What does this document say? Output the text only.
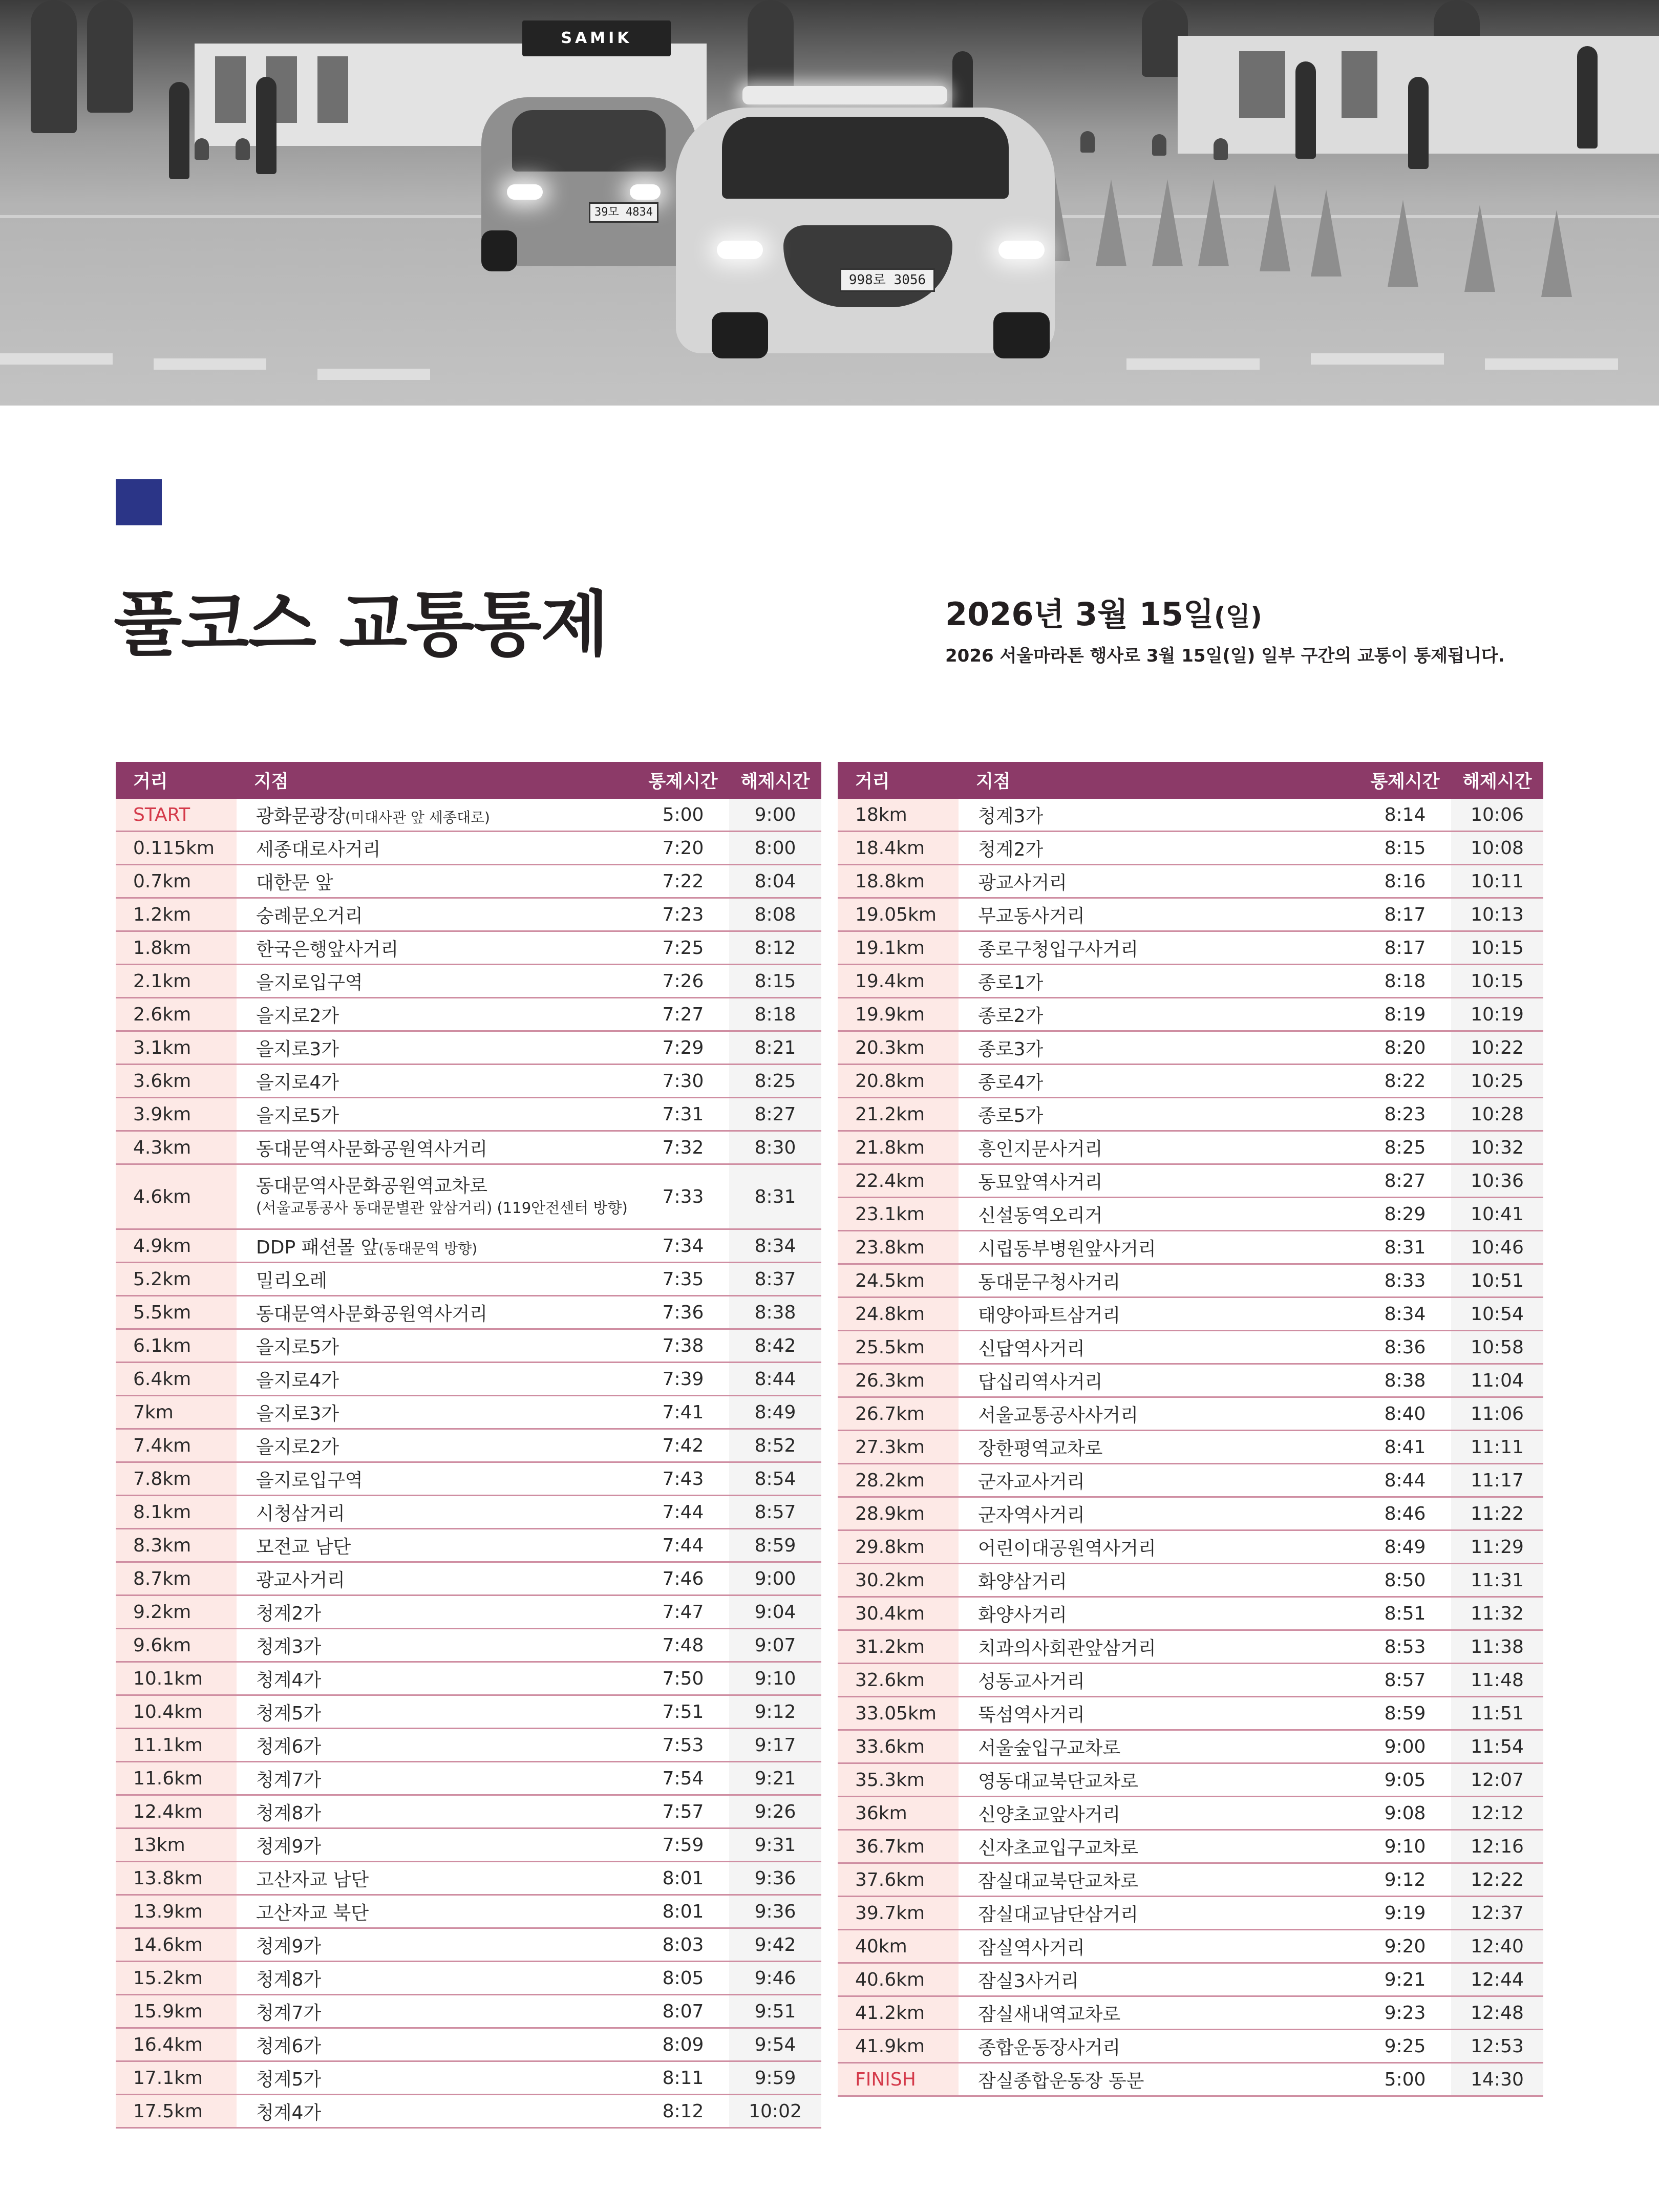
SAMIK
39모 4834
998로 3056
풀코스 교통통제	2026년 3월 15일(일)
2026 서울마라톤 행사로 3월 15일(일) 일부 구간의 교통이 통제됩니다.
거리	지점	통제시간	해제시간
START	광화문광장(미대사관 앞 세종대로)	5:00	9:00
0.115km	세종대로사거리	7:20	8:00
0.7km	대한문 앞	7:22	8:04
1.2km	숭례문오거리	7:23	8:08
1.8km	한국은행앞사거리	7:25	8:12
2.1km	을지로입구역	7:26	8:15
2.6km	을지로2가	7:27	8:18
3.1km	을지로3가	7:29	8:21
3.6km	을지로4가	7:30	8:25
3.9km	을지로5가	7:31	8:27
4.3km	동대문역사문화공원역사거리	7:32	8:30
4.6km	동대문역사문화공원역교차로
(서울교통공사 동대문별관 앞삼거리) (119안전센터 방향)	7:33	8:31
4.9km	DDP 패션몰 앞(동대문역 방향)	7:34	8:34
5.2km	밀리오레	7:35	8:37
5.5km	동대문역사문화공원역사거리	7:36	8:38
6.1km	을지로5가	7:38	8:42
6.4km	을지로4가	7:39	8:44
7km	을지로3가	7:41	8:49
7.4km	을지로2가	7:42	8:52
7.8km	을지로입구역	7:43	8:54
8.1km	시청삼거리	7:44	8:57
8.3km	모전교 남단	7:44	8:59
8.7km	광교사거리	7:46	9:00
9.2km	청계2가	7:47	9:04
9.6km	청계3가	7:48	9:07
10.1km	청계4가	7:50	9:10
10.4km	청계5가	7:51	9:12
11.1km	청계6가	7:53	9:17
11.6km	청계7가	7:54	9:21
12.4km	청계8가	7:57	9:26
13km	청계9가	7:59	9:31
13.8km	고산자교 남단	8:01	9:36
13.9km	고산자교 북단	8:01	9:36
14.6km	청계9가	8:03	9:42
15.2km	청계8가	8:05	9:46
15.9km	청계7가	8:07	9:51
16.4km	청계6가	8:09	9:54
17.1km	청계5가	8:11	9:59
17.5km	청계4가	8:12	10:02
거리	지점	통제시간	해제시간
18km	청계3가	8:14	10:06
18.4km	청계2가	8:15	10:08
18.8km	광교사거리	8:16	10:11
19.05km	무교동사거리	8:17	10:13
19.1km	종로구청입구사거리	8:17	10:15
19.4km	종로1가	8:18	10:15
19.9km	종로2가	8:19	10:19
20.3km	종로3가	8:20	10:22
20.8km	종로4가	8:22	10:25
21.2km	종로5가	8:23	10:28
21.8km	흥인지문사거리	8:25	10:32
22.4km	동묘앞역사거리	8:27	10:36
23.1km	신설동역오리거	8:29	10:41
23.8km	시립동부병원앞사거리	8:31	10:46
24.5km	동대문구청사거리	8:33	10:51
24.8km	태양아파트삼거리	8:34	10:54
25.5km	신답역사거리	8:36	10:58
26.3km	답십리역사거리	8:38	11:04
26.7km	서울교통공사사거리	8:40	11:06
27.3km	장한평역교차로	8:41	11:11
28.2km	군자교사거리	8:44	11:17
28.9km	군자역사거리	8:46	11:22
29.8km	어린이대공원역사거리	8:49	11:29
30.2km	화양삼거리	8:50	11:31
30.4km	화양사거리	8:51	11:32
31.2km	치과의사회관앞삼거리	8:53	11:38
32.6km	성동교사거리	8:57	11:48
33.05km	뚝섬역사거리	8:59	11:51
33.6km	서울숲입구교차로	9:00	11:54
35.3km	영동대교북단교차로	9:05	12:07
36km	신양초교앞사거리	9:08	12:12
36.7km	신자초교입구교차로	9:10	12:16
37.6km	잠실대교북단교차로	9:12	12:22
39.7km	잠실대교남단삼거리	9:19	12:37
40km	잠실역사거리	9:20	12:40
40.6km	잠실3사거리	9:21	12:44
41.2km	잠실새내역교차로	9:23	12:48
41.9km	종합운동장사거리	9:25	12:53
FINISH	잠실종합운동장 동문	5:00	14:30
